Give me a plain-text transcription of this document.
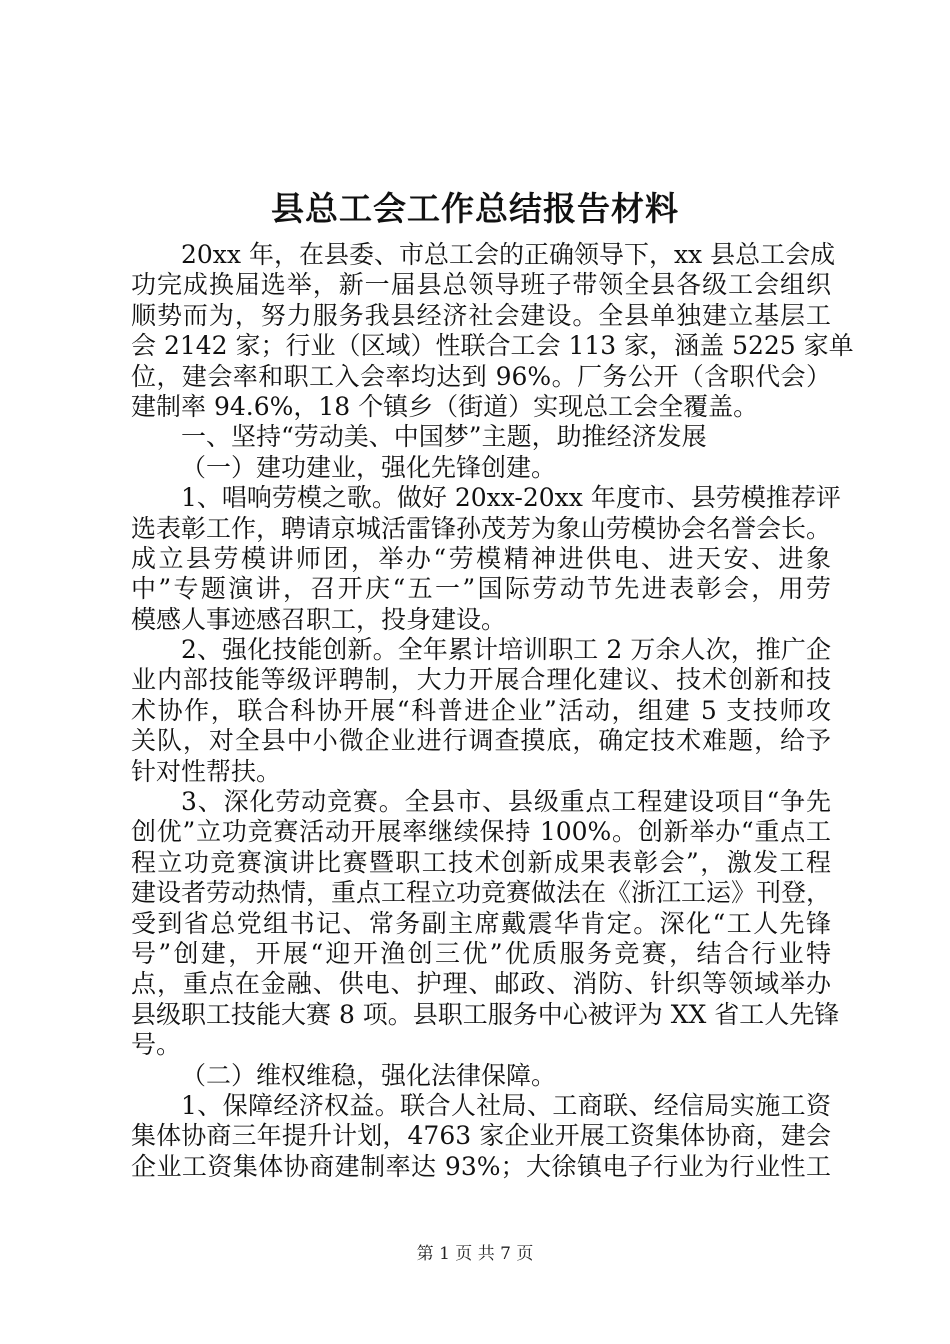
县总工会工作总结报告材料
20xx 年，在县委、市总工会的正确领导下，xx 县总工会成
功完成换届选举，新一届县总领导班子带领全县各级工会组织
顺势而为，努力服务我县经济社会建设。全县单独建立基层工
会 2142 家；行业（区域）性联合工会 113 家，涵盖 5225 家单
位，建会率和职工入会率均达到 96%。厂务公开（含职代会）
建制率 94.6%，18 个镇乡（街道）实现总工会全覆盖。
一、坚持“劳动美、中国梦”主题，助推经济发展
（一）建功建业，强化先锋创建。
1、唱响劳模之歌。做好 20xx-20xx 年度市、县劳模推荐评
选表彰工作，聘请京城活雷锋孙茂芳为象山劳模协会名誉会长。
成立县劳模讲师团，举办“劳模精神进供电、进天安、进象
中”专题演讲，召开庆“五一”国际劳动节先进表彰会，用劳
模感人事迹感召职工，投身建设。
2、强化技能创新。全年累计培训职工 2 万余人次，推广企
业内部技能等级评聘制，大力开展合理化建议、技术创新和技
术协作，联合科协开展“科普进企业”活动，组建 5 支技师攻
关队，对全县中小微企业进行调查摸底，确定技术难题，给予
针对性帮扶。
3、深化劳动竞赛。全县市、县级重点工程建设项目“争先
创优”立功竞赛活动开展率继续保持 100%。创新举办“重点工
程立功竞赛演讲比赛暨职工技术创新成果表彰会”，激发工程
建设者劳动热情，重点工程立功竞赛做法在《浙江工运》刊登，
受到省总党组书记、常务副主席戴震华肯定。深化“工人先锋
号”创建，开展“迎开渔创三优”优质服务竞赛，结合行业特
点，重点在金融、供电、护理、邮政、消防、针织等领域举办
县级职工技能大赛 8 项。县职工服务中心被评为 XX 省工人先锋
号。
（二）维权维稳，强化法律保障。
1、保障经济权益。联合人社局、工商联、经信局实施工资
集体协商三年提升计划，4763 家企业开展工资集体协商，建会
企业工资集体协商建制率达 93%；大徐镇电子行业为行业性工
第 1 页 共 7 页
